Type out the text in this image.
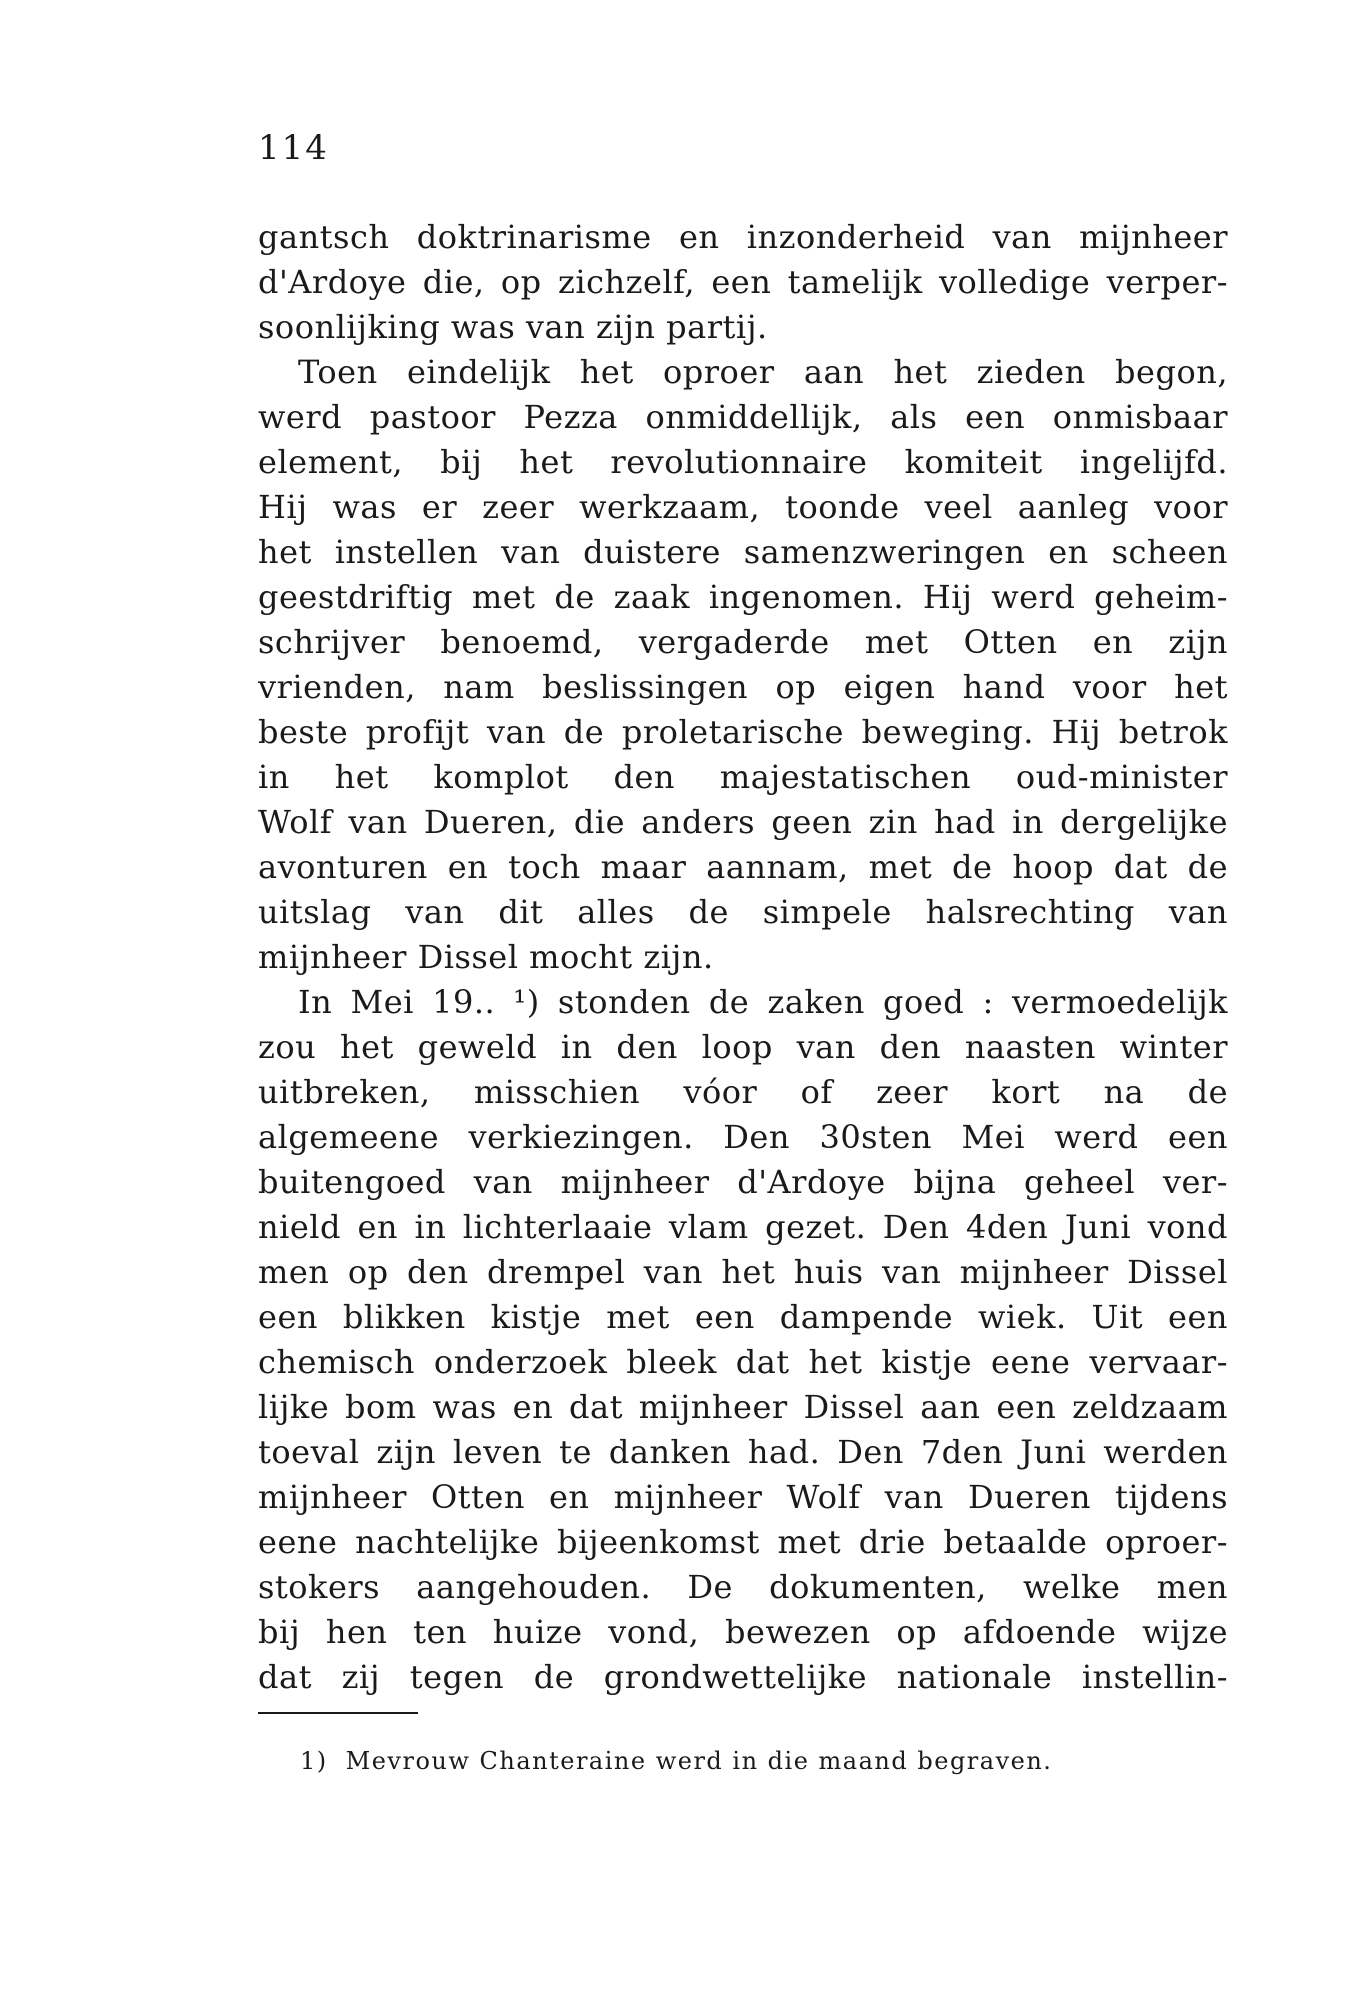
114
gantsch doktrinarisme en inzonderheid van mijnheer
d'Ardoye die, op zichzelf, een tamelijk volledige verper-
soonlijking was van zijn partij.
Toen eindelijk het oproer aan het zieden begon,
werd pastoor Pezza onmiddellijk, als een onmisbaar
element, bij het revolutionnaire komiteit ingelijfd.
Hij was er zeer werkzaam, toonde veel aanleg voor
het instellen van duistere samenzweringen en scheen
geestdriftig met de zaak ingenomen. Hij werd geheim-
schrijver benoemd, vergaderde met Otten en zijn
vrienden, nam beslissingen op eigen hand voor het
beste profijt van de proletarische beweging. Hij betrok
in het komplot den majestatischen oud-minister
Wolf van Dueren, die anders geen zin had in dergelijke
avonturen en toch maar aannam, met de hoop dat de
uitslag van dit alles de simpele halsrechting van
mijnheer Dissel mocht zijn.
In Mei 19.. ¹) stonden de zaken goed : vermoedelijk
zou het geweld in den loop van den naasten winter
uitbreken, misschien vóor of zeer kort na de
algemeene verkiezingen. Den 30sten Mei werd een
buitengoed van mijnheer d'Ardoye bijna geheel ver-
nield en in lichterlaaie vlam gezet. Den 4den Juni vond
men op den drempel van het huis van mijnheer Dissel
een blikken kistje met een dampende wiek. Uit een
chemisch onderzoek bleek dat het kistje eene vervaar-
lijke bom was en dat mijnheer Dissel aan een zeldzaam
toeval zijn leven te danken had. Den 7den Juni werden
mijnheer Otten en mijnheer Wolf van Dueren tijdens
eene nachtelijke bijeenkomst met drie betaalde oproer-
stokers aangehouden. De dokumenten, welke men
bij hen ten huize vond, bewezen op afdoende wijze
dat zij tegen de grondwettelijke nationale instellin-
1) Mevrouw Chanteraine werd in die maand begraven.
